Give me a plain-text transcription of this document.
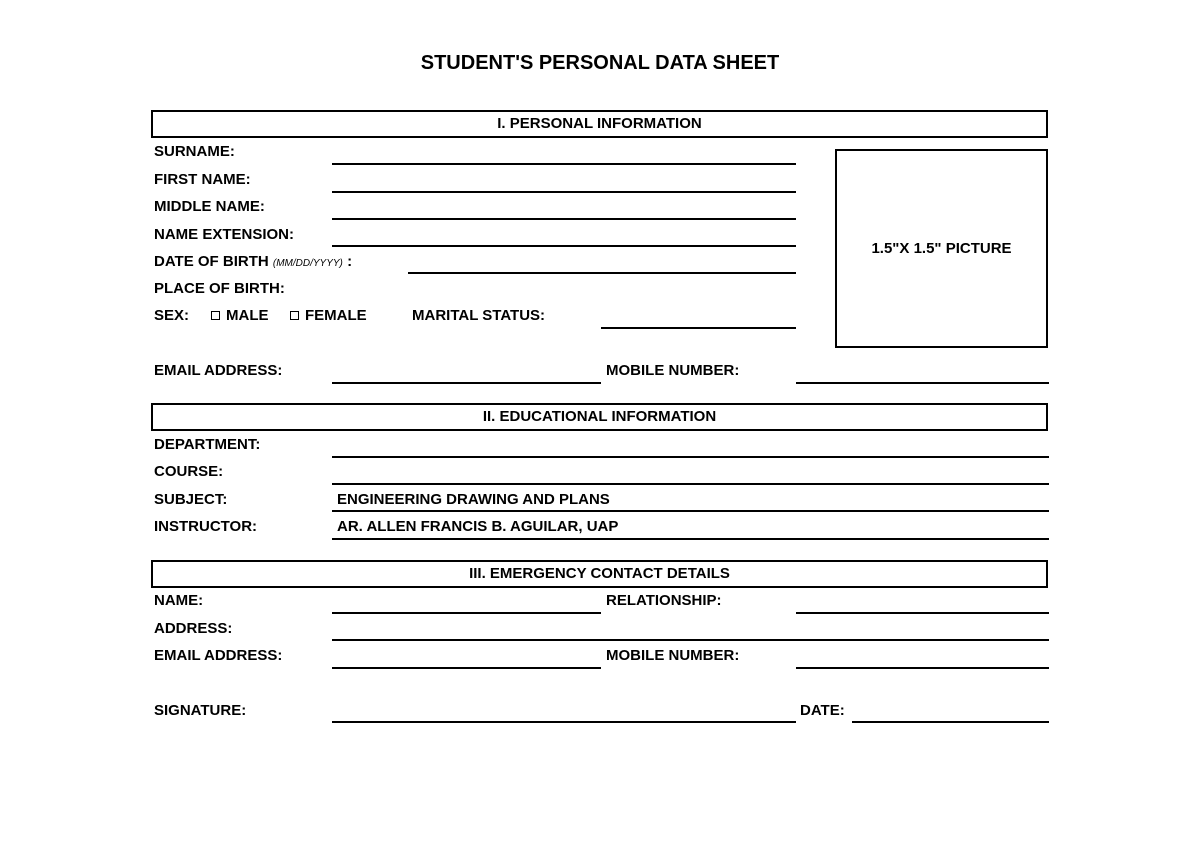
STUDENT'S PERSONAL DATA SHEET
I. PERSONAL INFORMATION
SURNAME:
FIRST NAME:
MIDDLE NAME:
NAME EXTENSION:
DATE OF BIRTH (MM/DD/YYYY) :
PLACE OF BIRTH:
SEX:	MALE	FEMALE	MARITAL STATUS:
1.5"X 1.5" PICTURE
EMAIL ADDRESS:	MOBILE NUMBER:
II. EDUCATIONAL INFORMATION
DEPARTMENT:
COURSE:
SUBJECT:	ENGINEERING DRAWING AND PLANS
INSTRUCTOR:	AR. ALLEN FRANCIS B. AGUILAR, UAP
III. EMERGENCY CONTACT DETAILS
NAME:	RELATIONSHIP:
ADDRESS:
EMAIL ADDRESS:	MOBILE NUMBER:
SIGNATURE:	DATE:
